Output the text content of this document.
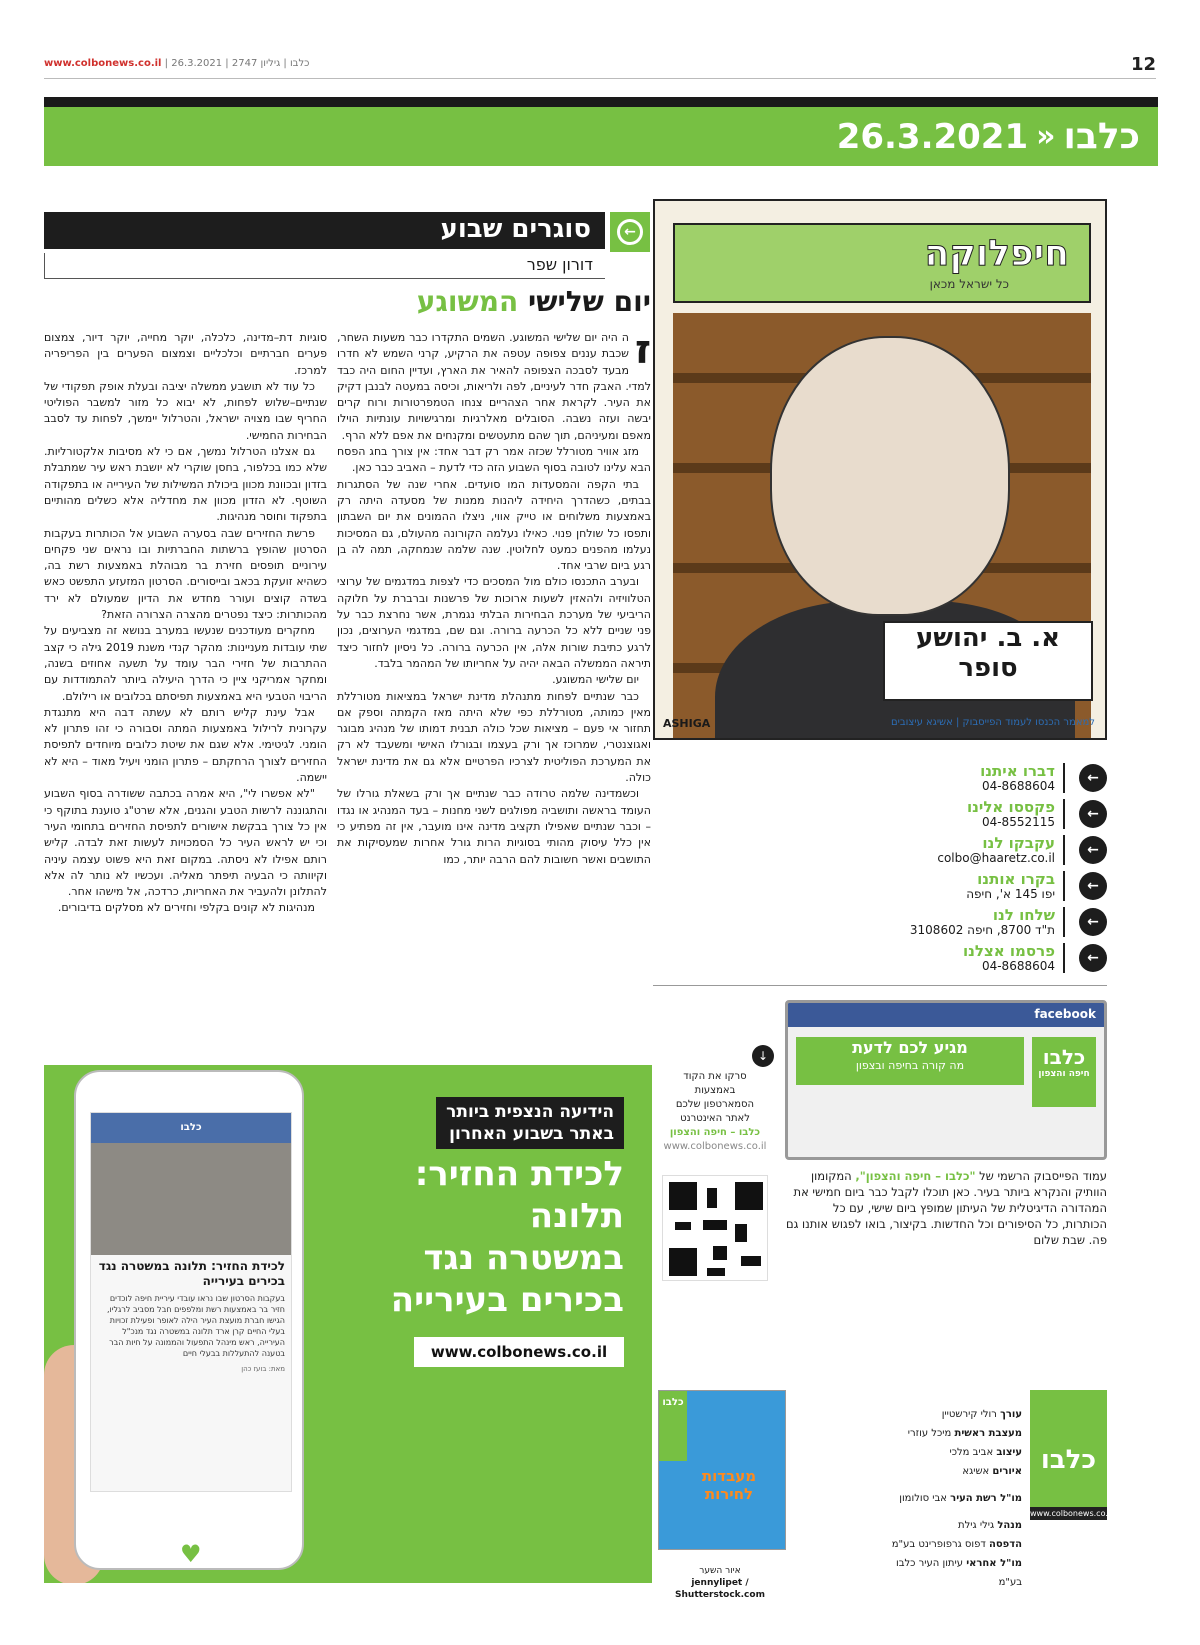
www.colbonews.co.il | כלבו | גיליון 2747 | 26.3.2021	12
26.3.2021 » כלבו
סוגרים שבוע	←
דורון שפר
יום שלישי המשוגע
ז

ה היה יום שלישי המשוגע. השמים התקדרו כבר משעות השחר, שכבת עננים צפופה עטפה את הרקיע, קרני השמש לא חדרו מבעד לסבכה הצפופה להאיר את הארץ, ועדיין החום היה כבד למדי. האבק חדר לעיניים, לפה ולריאות, וכיסה במעטה לבנבן דקיק את העיר. לקראת אחר הצהריים צנחו הטמפרטורות ורוח קרים יבשה ועזה נשבה. הסובלים מאלרגיות ומרגישויות עונתיות הוילו מאפם ומעיניהם, תוך שהם מתעטשים ומקנחים את אפם ללא הרף.

מזג אוויר מטורלל שכזה אמר רק דבר אחד: אין צורך בחג הפסח הבא עלינו לטובה בסוף השבוע הזה כדי לדעת – האביב כבר כאן.

בתי הקפה והמסעדות המו סועדים. אחרי שנה של הסתגרות בבתים, כשהדרך היחידה ליהנות ממנות של מסעדה היתה רק באמצעות משלוחים או טייק אווי, ניצלו ההמונים את יום השבתון ותפסו כל שולחן פנוי. כאילו נעלמה הקורונה מהעולם, גם המסיכות נעלמו מהפנים כמעט לחלוטין. שנה שלמה שנמחקה, תמה לה בן רגע ביום שרבי אחד.

ובערב התכנסו כולם מול המסכים כדי לצפות במדגמים של ערוצי הטלוויזיה ולהאזין לשעות ארוכות של פרשנות וברברת על חלוקה הריביעי של מערכת הבחירות הבלתי נגמרת, אשר נחרצת כבר על פני שניים ללא כל הכרעה ברורה. וגם שם, במדגמי הערוצים, נכון לרגע כתיבת שורות אלה, אין הכרעה ברורה. כל ניסיון לחזור כיצד תיראה הממשלה הבאה יהיה על אחריותו של המהמר בלבד.

יום שלישי המשוגע.

כבר שנתיים לפחות מתנהלת מדינת ישראל במציאות מטורללת מאין כמותה, מטורללת כפי שלא היתה מאז הקמתה וספק אם תחזור אי פעם – מציאות שכל כולה תבנית דמותו של מנהיג מבוגר ואגוצנטרי, שמרוכז אך ורק בעצמו ובגורלו האישי ומשעבד לא רק את המערכת הפוליטית לצרכיו הפרטיים אלא גם את מדינת ישראל כולה.

וכשמדינה שלמה טרודה כבר שנתיים אך ורק בשאלת גורלו של העומד בראשה ותושביה מפולגים לשני מחנות – בעד המנהיג או נגדו – וכבר שנתיים שאפילו תקציב מדינה אינו מועבר, אין זה מפתיע כי אין כלל עיסוק מהותי בסוגיות הרות גורל אחרות שמעסיקות את התושבים ואשר חשובות להם הרבה יותר, כמו

סוגיות דת–מדינה, כלכלה, יוקר מחייה, יוקר דיור, צמצום פערים חברתיים וכלכליים וצמצום הפערים בין הפריפריה למרכז.

כל עוד לא תושבע ממשלה יציבה ובעלת אופק תפקודי של שנתיים–שלוש לפחות, לא יבוא כל מזור למשבר הפוליטי החריף שבו מצויה ישראל, והטרלול יימשך, לפחות עד לסבב הבחירות החמישי.

גם אצלנו הטרלול נמשך, אם כי לא מסיבות אלקטורליות. שלא כמו בכלפור, בחסן שוקרי לא יושבת ראש עיר שמתבלת בזדון ובכוונת מכוון ביכולת המשילות של העירייה או בתפקודה השוטף. לא הזדון מכוון את מחדליה אלא כשלים מהותיים בתפקוד וחוסר מנהיגות.

פרשת החזירים שבה בסערה השבוע אל הכותרות בעקבות הסרטון שהופץ ברשתות החברתיות ובו נראים שני פקחים עירוניים תופסים חזירת בר מבוהלת באמצעות רשת בה, כשהיא זועקת בכאב ובייסורים. הסרטון המזעזע התפשט כאש בשדה קוצים ועורר מחדש את הדיון שמעולם לא ירד מהכותרות: כיצד נפטרים מהצרה הצרורה הזאת?

מחקרים מעודכנים שנעשו במערב בנושא זה מצביעים על שתי עובדות מעניינות: מהקר קנדי משנת 2019 גילה כי קצב ההתרבות של חזירי הבר עומד על תשעה אחוזים בשנה, ומחקר אמריקני ציין כי הדרך היעילה ביותר להתמודדות עם הריבוי הטבעי היא באמצעות תפיסתם בכלובים או רילולם.

אבל עינת קליש רותם לא עשתה דבה היא מתנגדת עקרונית לרילול באמצעות המתה וסבורה כי זהו פתרון לא הומני. לגיטימי. אלא שגם את שיטת כלובים מיוחדים לתפיסת החזירים לצורך הרחקתם – פתרון הומני ויעיל מאוד – היא לא יישמה.

"לא אפשרו לי", היא אמרה בכתבה ששודרה בסוף השבוע והתגוננה לרשות הטבע והגנים, אלא שרט"ג טוענת בתוקף כי אין כל צורך בבקשת אישורים לתפיסת החזירים בתחומי העיר וכי יש לראש העיר כל הסמכויות לעשות זאת לבדה. קליש רותם אפילו לא ניסתה. במקום זאת היא פשוט עצמה עיניה וקיוותה כי הבעיה תיפתר מאליה. ועכשיו לא נותר לה אלא להתלונן ולהעביר את האחריות, כרדכה, אל מישהו אחר.

מנהיגות לא קונים בקלפי וחזירים לא מסלקים בדיבורים.

חיפלוקה
כל ישראל מכאן
א. ב. יהושע
סופר
ASHIGA	למאמר הכנסו לעמוד הפייסבוק | אשיגא עיצובים
←
דברו איתנו
04-8688604
←
פקססו אלינו
04-8552115
←
עקבקו לנו
colbo@haaretz.co.il
←
בקרו אותנו
יפו 145 א', חיפה
←
שלחו לנו
ת"ד 8700, חיפה 3108602
←
פרסמו אצלנו
04-8688604
facebook
מגיע לכם לדעת
מה קורה בחיפה ובצפון	כלבו
חיפה והצפון
עמוד הפייסבוק הרשמי של "כלבו – חיפה והצפון", המקומון הוותיק והנקרא ביותר בעיר. כאן תוכלו לקבל כבר ביום חמישי את המהדורה הדיגיטלית של העיתון שמופץ ביום שישי, עם כל הכותרות, כל הסיפורים וכל החדשות. בקיצור, בואו לפגוש אותנו גם פה. שבת שלום
↓
סרקו את הקוד
באמצעות
הסמארטפון שלכם
לאתר האינטרנט
כלבו – חיפה והצפון
www.colbonews.co.il
כלבו
מעבדות לחירות
איור השער
jennylipet / Shutterstock.com
עורך רולי קירשטיין
מעצבת ראשית מיכל עוזרי
עיצוב אביב מלכי
איורים אשיגא
מו"ל רשת העיר אבי סולומון
מנהל גילי גילת
הדפסה דפוס גרפופרינט בע"מ
מו"ל אחראי עיתון העיר כלבו בע"מ
כלבו
www.colbonews.co.il
כלבו
לכידת החזיר: תלונה במשטרה נגד בכירים בעירייה
בעקבות הסרטון שבו נראו עובדי עיריית חיפה לוכדים חזיר בר באמצעות רשת ומלפפים חבל מסביב לרגליו, הגישו חברת מועצת העיר הילה לאופר ופעילת זכויות בעלי החיים קרן ארד תלונה במשטרה נגד מנכ"ל העירייה, ראש מינהל התפעול והממונה על חיות הבר בטענה להתעללות בבעלי חיים
מאת: בועז כהן
♥
הידיעה הנצפית ביותר
באתר בשבוע האחרון
לכידת החזיר: תלונה במשטרה נגד בכירים בעירייה
www.colbonews.co.il
